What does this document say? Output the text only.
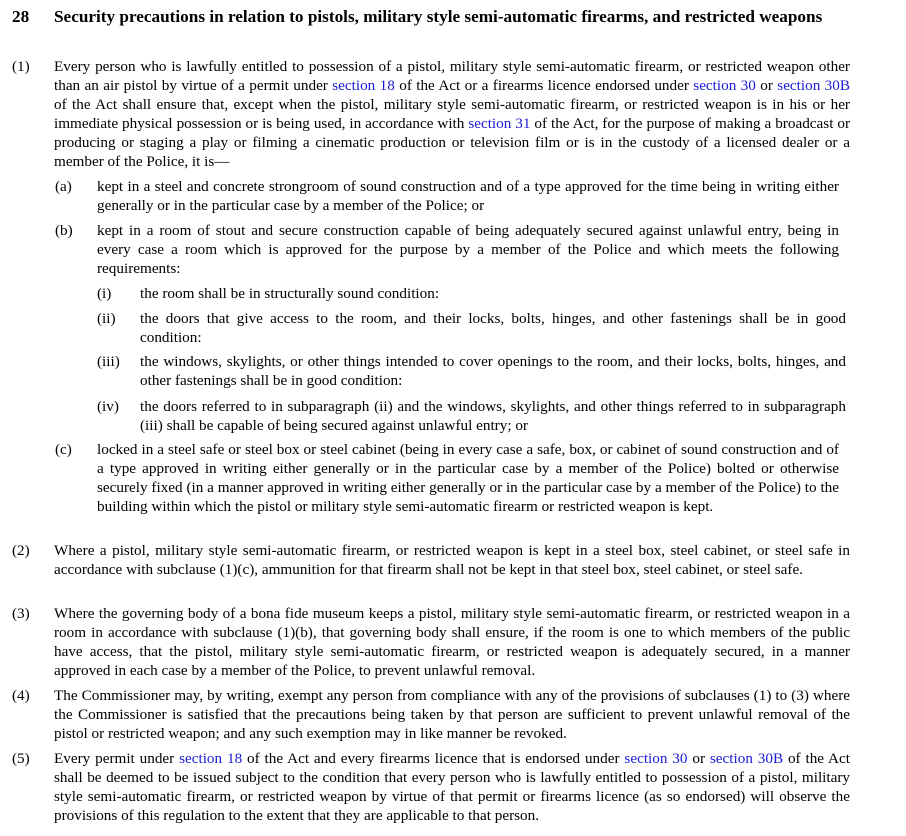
28 Security precautions in relation to pistols, military style semi-automatic firearms, and restricted weapons
(1) Every person who is lawfully entitled to possession of a pistol, military style semi-automatic firearm, or restricted weapon other than an air pistol by virtue of a permit under section 18 of the Act or a firearms licence endorsed under section 30 or section 30B of the Act shall ensure that, except when the pistol, military style semi-automatic firearm, or restricted weapon is in his or her immediate physical possession or is being used, in accordance with section 31 of the Act, for the purpose of making a broadcast or producing or staging a play or filming a cinematic production or television film or is in the custody of a licensed dealer or a member of the Police, it is—
(a) kept in a steel and concrete strongroom of sound construction and of a type approved for the time being in writing either generally or in the particular case by a member of the Police; or
(b) kept in a room of stout and secure construction capable of being adequately secured against unlawful entry, being in every case a room which is approved for the purpose by a member of the Police and which meets the following requirements:
(i) the room shall be in structurally sound condition:
(ii) the doors that give access to the room, and their locks, bolts, hinges, and other fastenings shall be in good condition:
(iii) the windows, skylights, or other things intended to cover openings to the room, and their locks, bolts, hinges, and other fastenings shall be in good condition:
(iv) the doors referred to in subparagraph (ii) and the windows, skylights, and other things referred to in subparagraph (iii) shall be capable of being secured against unlawful entry; or
(c) locked in a steel safe or steel box or steel cabinet (being in every case a safe, box, or cabinet of sound construction and of a type approved in writing either generally or in the particular case by a member of the Police) bolted or otherwise securely fixed (in a manner approved in writing either generally or in the particular case by a member of the Police) to the building within which the pistol or military style semi-automatic firearm or restricted weapon is kept.
(2) Where a pistol, military style semi-automatic firearm, or restricted weapon is kept in a steel box, steel cabinet, or steel safe in accordance with subclause (1)(c), ammunition for that firearm shall not be kept in that steel box, steel cabinet, or steel safe.
(3) Where the governing body of a bona fide museum keeps a pistol, military style semi-automatic firearm, or restricted weapon in a room in accordance with subclause (1)(b), that governing body shall ensure, if the room is one to which members of the public have access, that the pistol, military style semi-automatic firearm, or restricted weapon is adequately secured, in a manner approved in each case by a member of the Police, to prevent unlawful removal.
(4) The Commissioner may, by writing, exempt any person from compliance with any of the provisions of subclauses (1) to (3) where the Commissioner is satisfied that the precautions being taken by that person are sufficient to prevent unlawful removal of the pistol or restricted weapon; and any such exemption may in like manner be revoked.
(5) Every permit under section 18 of the Act and every firearms licence that is endorsed under section 30 or section 30B of the Act shall be deemed to be issued subject to the condition that every person who is lawfully entitled to possession of a pistol, military style semi-automatic firearm, or restricted weapon by virtue of that permit or firearms licence (as so endorsed) will observe the provisions of this regulation to the extent that they are applicable to that person.
